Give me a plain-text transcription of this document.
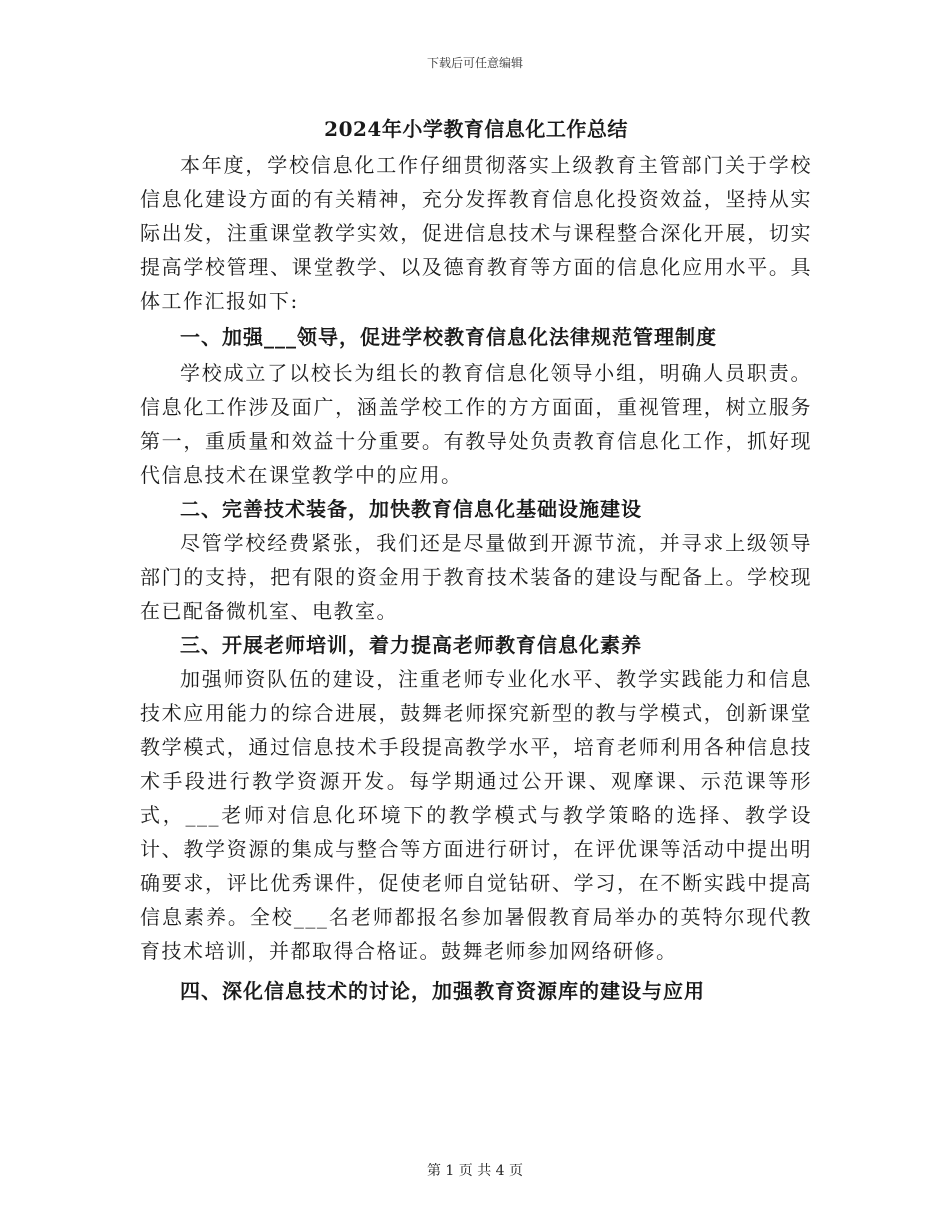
下载后可任意编辑
2024年小学教育信息化工作总结

本年度，学校信息化工作仔细贯彻落实上级教育主管部门关于学校信息化建设方面的有关精神，充分发挥教育信息化投资效益，坚持从实际出发，注重课堂教学实效，促进信息技术与课程整合深化开展，切实提高学校管理、课堂教学、以及德育教育等方面的信息化应用水平。具体工作汇报如下:

一、加强___领导，促进学校教育信息化法律规范管理制度

学校成立了以校长为组长的教育信息化领导小组，明确人员职责。信息化工作涉及面广，涵盖学校工作的方方面面，重视管理，树立服务第一，重质量和效益十分重要。有教导处负责教育信息化工作，抓好现代信息技术在课堂教学中的应用。

二、完善技术装备，加快教育信息化基础设施建设

尽管学校经费紧张，我们还是尽量做到开源节流，并寻求上级领导部门的支持，把有限的资金用于教育技术装备的建设与配备上。学校现在已配备微机室、电教室。

三、开展老师培训，着力提高老师教育信息化素养

加强师资队伍的建设，注重老师专业化水平、教学实践能力和信息技术应用能力的综合进展，鼓舞老师探究新型的教与学模式，创新课堂教学模式，通过信息技术手段提高教学水平，培育老师利用各种信息技术手段进行教学资源开发。每学期通过公开课、观摩课、示范课等形式，___老师对信息化环境下的教学模式与教学策略的选择、教学设计、教学资源的集成与整合等方面进行研讨，在评优课等活动中提出明确要求，评比优秀课件，促使老师自觉钻研、学习，在不断实践中提高信息素养。全校___名老师都报名参加暑假教育局举办的英特尔现代教育技术培训，并都取得合格证。鼓舞老师参加网络研修。

四、深化信息技术的讨论，加强教育资源库的建设与应用
第 1 页 共 4 页
